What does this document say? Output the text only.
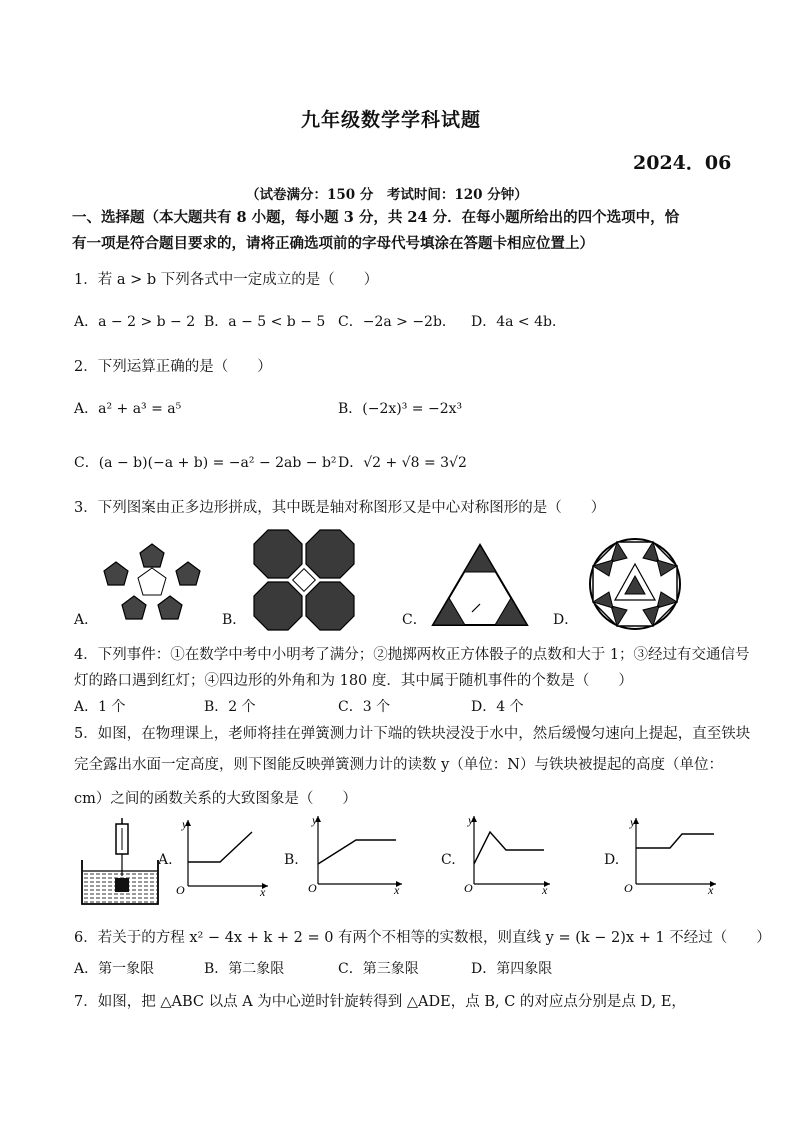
九年级数学学科试题
2024．06
（试卷满分：150 分　考试时间：120 分钟）
一、选择题（本大题共有 8 小题，每小题 3 分，共 24 分．在每小题所给出的四个选项中，恰
有一项是符合题目要求的，请将正确选项前的字母代号填涂在答题卡相应位置上）
1．若 a > b 下列各式中一定成立的是（　　）
A．a − 2 > b − 2 B．a − 5 < b − 5 C．−2a > −2b． D．4a < 4b．
2．下列运算正确的是（　　）
A．a² + a³ = a⁵	B．(−2x)³ = −2x³
C．(a − b)(−a + b) = −a² − 2ab − b² D．√2 + √8 = 3√2
3．下列图案由正多边形拼成，其中既是轴对称图形又是中心对称图形的是（　　）
A．	B．	C．	D．
4．下列事件：①在数学中考中小明考了满分；②抛掷两枚正方体骰子的点数和大于 1；③经过有交通信号
灯的路口遇到红灯；④四边形的外角和为 180 度．其中属于随机事件的个数是（　　）
A．1 个	B．2 个	C．3 个	D．4 个
5．如图，在物理课上，老师将挂在弹簧测力计下端的铁块浸没于水中，然后缓慢匀速向上提起，直至铁块
完全露出水面一定高度，则下图能反映弹簧测力计的读数 y（单位：N）与铁块被提起的高度（单位：
cm）之间的函数关系的大致图象是（　　）
A.
y
x
O
B.
y
x
O
C.
y
x
O
D.
y
x
O
6．若关于的方程 x² − 4x + k + 2 = 0 有两个不相等的实数根，则直线 y = (k − 2)x + 1 不经过（　　）
A．第一象限	B．第二象限	C．第三象限	D．第四象限
7．如图，把 △ABC 以点 A 为中心逆时针旋转得到 △ADE，点 B, C 的对应点分别是点 D, E，
